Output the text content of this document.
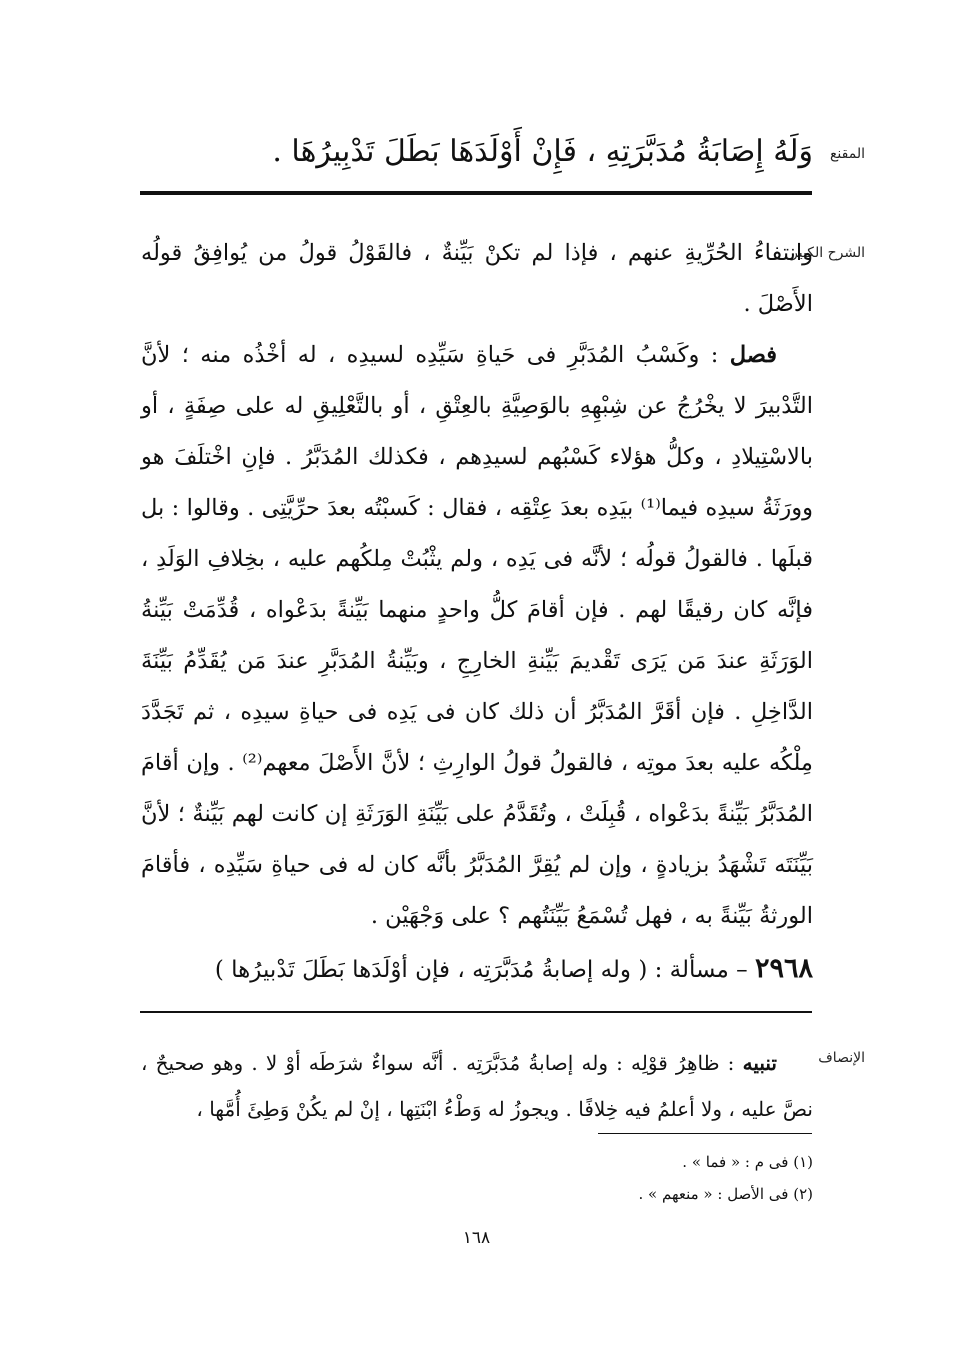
المقنع
وَلَهُ إِصَابَةُ مُدَبَّرَتِهِ ، فَإِنْ أَوْلَدَهَا بَطَلَ تَدْبِيرُهَا .
الشرح الكبير

وانتفاءُ الحُرِّيةِ عنهم ، فإذا لم تكنْ بَيِّنةٌ ، فالقَوْلُ قولُ من يُوافِقُ قولُه الأَصْلَ .

فصل : وكَسْبُ المُدَبَّرِ فى حَياةِ سَيِّدِه لسيدِه ، له أخْذُه منه ؛ لأنَّ التَّدْبيرَ لا يخْرُجُ عن شِبْهِهِ بالوَصِيَّةِ بالعِتْقِ ، أو بالتَّعْلِيقِ له على صِفَةٍ ، أو بالاسْتِيلادِ ، وكلُّ هؤلاء كَسْبُهم لسيدِهم ، فكذلك المُدَبَّرُ . فإنِ اخْتلَفَ هو وورَثَةُ سيدِه فيما⁽¹⁾ بيَدِه بعدَ عِتْقِه ، فقال : كَسبْتُه بعدَ حرِّيَّتِى . وقالوا : بل قبلَها . فالقولُ قولُه ؛ لأنَّه فى يَدِه ، ولم يثْبُتْ مِلكُهم عليه ، بخِلافِ الوَلَدِ ، فإنَّه كان رقيقًا لهم . فإن أقامَ كلُّ واحدٍ منهما بَيِّنةً بدَعْواه ، قُدِّمَتْ بَيِّنةُ الوَرَثَةِ عندَ مَن يَرَى تَقْديمَ بَيِّنةِ الخارِجِ ، وبَيِّنةُ المُدَبَّرِ عندَ مَن يُقَدِّمُ بَيِّنَةَ الدَّاخِلِ . فإن أقَرَّ المُدَبَّرُ أن ذلك كان فى يَدِه فى حياةِ سيدِه ، ثم تَجَدَّدَ مِلْكُه عليه بعدَ موتِه ، فالقولُ قولُ الوارِثِ ؛ لأنَّ الأَصْلَ معهم⁽²⁾ . وإن أقامَ المُدَبَّرُ بَيِّنةً بدَعْواه ، قُبِلَتْ ، وتُقَدَّمُ على بَيِّنَةِ الوَرَثَةِ إن كانت لهم بَيِّنةٌ ؛ لأنَّ بَيِّنَتَه تَشْهَدُ بزيادةٍ ، وإن لم يُقِرَّ المُدَبَّرُ بأنَّه كان له فى حياةِ سَيِّدِه ، فأقامَ الورثةُ بَيِّنةً به ، فهل تُسْمَعُ بَيِّنَتُهم ؟ على وَجْهَيْن .

٢٩٦٨ – مسألة : ( وله إصابةُ مُدَبَّرَتِه ، فإن أوْلَدَها بَطَلَ تَدْبيرُها )
الإنصاف

تنبيه : ظاهِرُ قوْلِه : وله إصابةُ مُدَبَّرَتِه . أنَّه سواءٌ شرَطَه أوْ لا . وهو صحيحٌ ، نصَّ عليه ، ولا أعلمُ فيه خِلافًا . ويجوزُ له وَطْءُ ابْنَتِها ، إنْ لم يكُنْ وَطِئَ أُمَّها ،

(١) فى م : « فما » .
(٢) فى الأصل : « منعهم » .
١٦٨
